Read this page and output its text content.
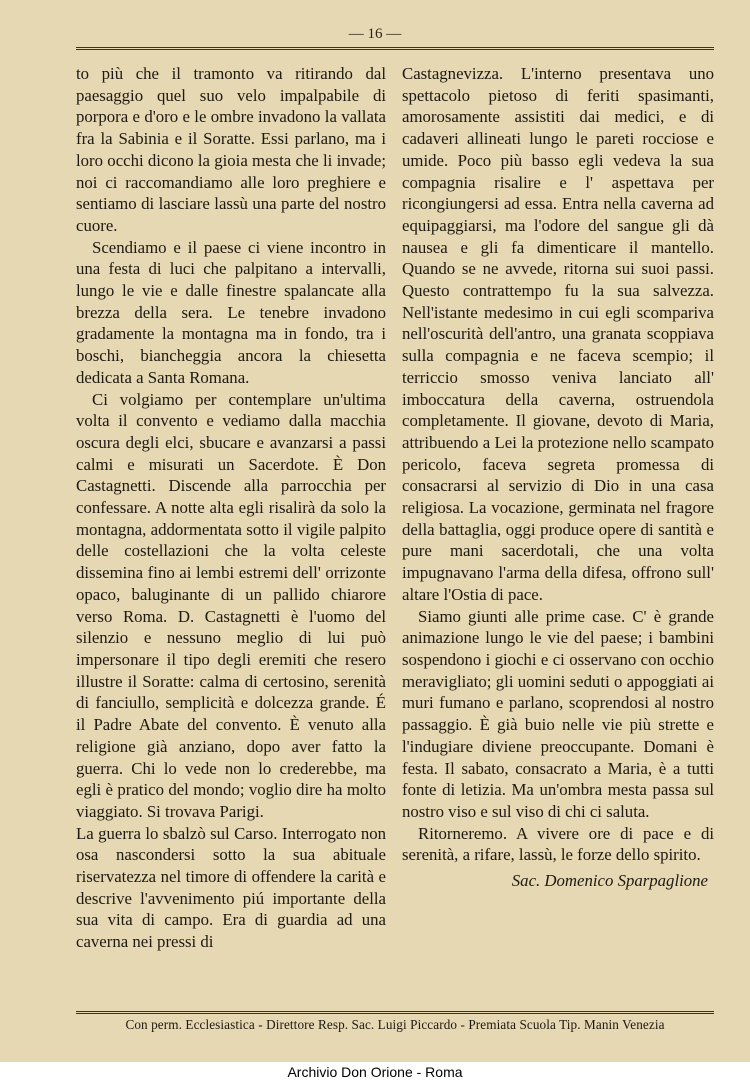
— 16 —

to più che il tramonto va ritirando dal paesaggio quel suo velo impalpabile di porpora e d'oro e le ombre invadono la vallata fra la Sabinia e il Soratte. Essi parlano, ma i loro occhi dicono la gioia mesta che li invade; noi ci raccomandiamo alle loro preghiere e sentiamo di lasciare lassù una parte del nostro cuore.

Scendiamo e il paese ci viene incontro in una festa di luci che palpitano a intervalli, lungo le vie e dalle finestre spalancate alla brezza della sera. Le tenebre invadono gradamente la montagna ma in fondo, tra i boschi, biancheggia ancora la chiesetta dedicata a Santa Romana.

Ci volgiamo per contemplare un'ultima volta il convento e vediamo dalla macchia oscura degli elci, sbucare e avanzarsi a passi calmi e misurati un Sacerdote. È Don Castagnetti. Discende alla parrocchia per confessare. A notte alta egli risalirà da solo la montagna, addormentata sotto il vigile palpito delle costellazioni che la volta celeste dissemina fino ai lembi estremi dell' orrizonte opaco, baluginante di un pallido chiarore verso Roma. D. Castagnetti è l'uomo del silenzio e nessuno meglio di lui può impersonare il tipo degli eremiti che resero illustre il Soratte: calma di certosino, serenità di fanciullo, semplicità e dolcezza grande. É il Padre Abate del convento. È venuto alla religione già anziano, dopo aver fatto la guerra. Chi lo vede non lo crederebbe, ma egli è pratico del mondo; voglio dire ha molto viaggiato. Si trovava Parigi.

La guerra lo sbalzò sul Carso. Interrogato non osa nascondersi sotto la sua abituale riservatezza nel timore di offendere la carità e descrive l'avvenimento piú importante della sua vita di campo. Era di guardia ad una caverna nei pressi di

Castagnevizza. L'interno presentava uno spettacolo pietoso di feriti spasimanti, amorosamente assistiti dai medici, e di cadaveri allineati lungo le pareti rocciose e umide. Poco più basso egli vedeva la sua compagnia risalire e l' aspettava per ricongiungersi ad essa. Entra nella caverna ad equipaggiarsi, ma l'odore del sangue gli dà nausea e gli fa dimenticare il mantello. Quando se ne avvede, ritorna sui suoi passi. Questo contrattempo fu la sua salvezza. Nell'istante medesimo in cui egli scompariva nell'oscurità dell'antro, una granata scoppiava sulla compagnia e ne faceva scempio; il terriccio smosso veniva lanciato all' imboccatura della caverna, ostruendola completamente. Il giovane, devoto di Maria, attribuendo a Lei la protezione nello scampato pericolo, faceva segreta promessa di consacrarsi al servizio di Dio in una casa religiosa. La vocazione, germinata nel fragore della battaglia, oggi produce opere di santità e pure mani sacerdotali, che una volta impugnavano l'arma della difesa, offrono sull' altare l'Ostia di pace.

Siamo giunti alle prime case. C' è grande animazione lungo le vie del paese; i bambini sospendono i giochi e ci osservano con occhio meravigliato; gli uomini seduti o appoggiati ai muri fumano e parlano, scoprendosi al nostro passaggio. È già buio nelle vie più strette e l'indugiare diviene preoccupante. Domani è festa. Il sabato, consacrato a Maria, è a tutti fonte di letizia. Ma un'ombra mesta passa sul nostro viso e sul viso di chi ci saluta.

Ritorneremo. A vivere ore di pace e di serenità, a rifare, lassù, le forze dello spirito.

Sac. Domenico Sparpaglione
Con perm. Ecclesiastica - Direttore Resp. Sac. Luigi Piccardo - Premiata Scuola Tip. Manin Venezia
Archivio Don Orione - Roma
